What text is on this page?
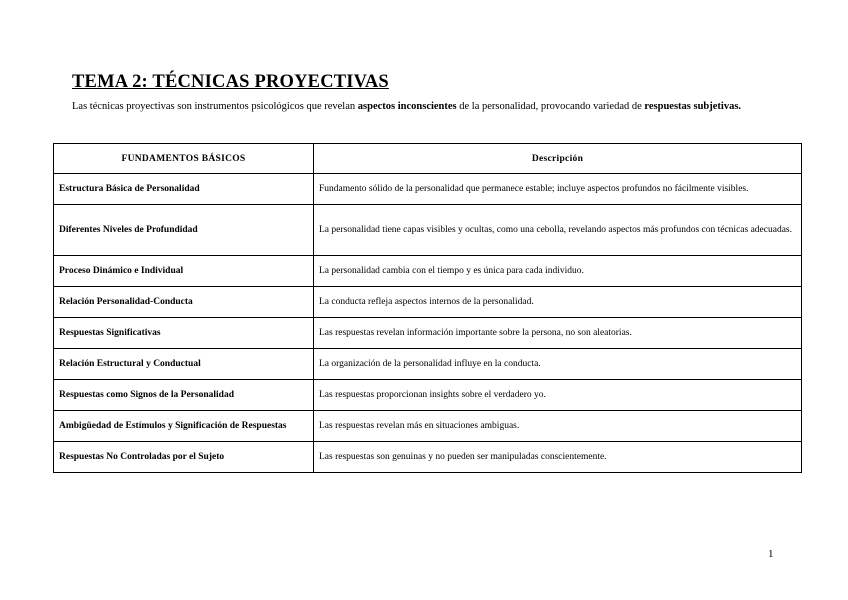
TEMA 2: TÉCNICAS PROYECTIVAS
Las técnicas proyectivas son instrumentos psicológicos que revelan aspectos inconscientes de la personalidad, provocando variedad de respuestas subjetivas.
FUNDAMENTOS BÁSICOS	Descripción
Estructura Básica de Personalidad	Fundamento sólido de la personalidad que permanece estable; incluye aspectos profundos no fácilmente visibles.
Diferentes Niveles de Profundidad	La personalidad tiene capas visibles y ocultas, como una cebolla, revelando aspectos más profundos con técnicas adecuadas.
Proceso Dinámico e Individual	La personalidad cambia con el tiempo y es única para cada individuo.
Relación Personalidad-Conducta	La conducta refleja aspectos internos de la personalidad.
Respuestas Significativas	Las respuestas revelan información importante sobre la persona, no son aleatorias.
Relación Estructural y Conductual	La organización de la personalidad influye en la conducta.
Respuestas como Signos de la Personalidad	Las respuestas proporcionan insights sobre el verdadero yo.
Ambigüedad de Estímulos y Significación de Respuestas	Las respuestas revelan más en situaciones ambiguas.
Respuestas No Controladas por el Sujeto	Las respuestas son genuinas y no pueden ser manipuladas conscientemente.
1
